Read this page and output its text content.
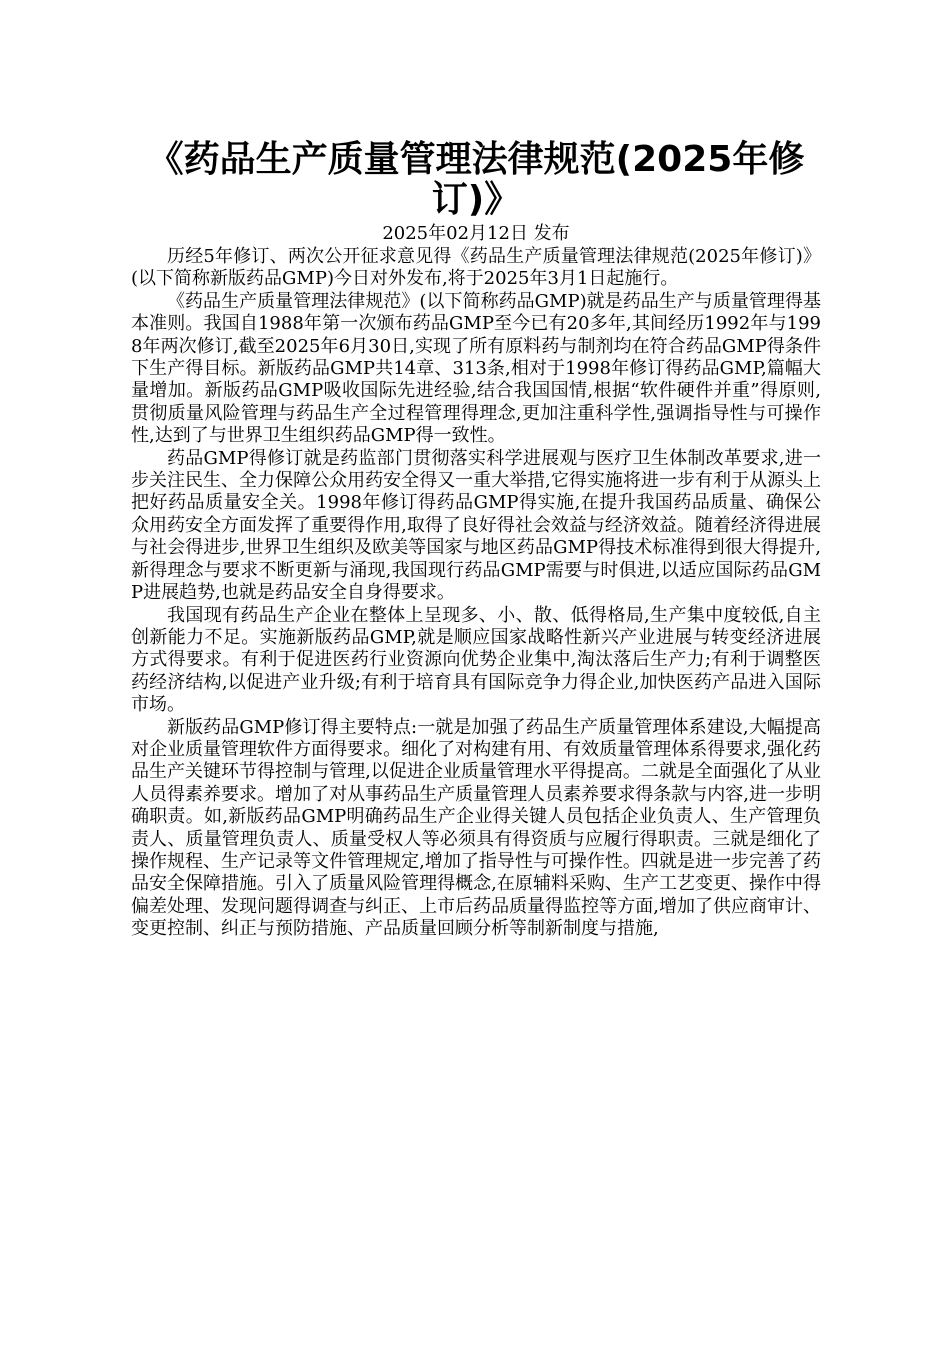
《药品生产质量管理法律规范(2025年修订)》
2025年02月12日 发布

历经5年修订、两次公开征求意见得《药品生产质量管理法律规范(2025年修订)》(以下简称新版药品GMP)今日对外发布,将于2025年3月1日起施行。

《药品生产质量管理法律规范》(以下简称药品GMP)就是药品生产与质量管理得基本准则。我国自1988年第一次颁布药品GMP至今已有20多年,其间经历1992年与1998年两次修订,截至2025年6月30日,实现了所有原料药与制剂均在符合药品GMP得条件下生产得目标。新版药品GMP共14章、313条,相对于1998年修订得药品GMP,篇幅大量增加。新版药品GMP吸收国际先进经验,结合我国国情,根据“软件硬件并重”得原则,贯彻质量风险管理与药品生产全过程管理得理念,更加注重科学性,强调指导性与可操作性,达到了与世界卫生组织药品GMP得一致性。

药品GMP得修订就是药监部门贯彻落实科学进展观与医疗卫生体制改革要求,进一步关注民生、全力保障公众用药安全得又一重大举措,它得实施将进一步有利于从源头上把好药品质量安全关。1998年修订得药品GMP得实施,在提升我国药品质量、确保公众用药安全方面发挥了重要得作用,取得了良好得社会效益与经济效益。随着经济得进展与社会得进步,世界卫生组织及欧美等国家与地区药品GMP得技术标准得到很大得提升,新得理念与要求不断更新与涌现,我国现行药品GMP需要与时俱进,以适应国际药品GMP进展趋势,也就是药品安全自身得要求。

我国现有药品生产企业在整体上呈现多、小、散、低得格局,生产集中度较低,自主创新能力不足。实施新版药品GMP,就是顺应国家战略性新兴产业进展与转变经济进展方式得要求。有利于促进医药行业资源向优势企业集中,淘汰落后生产力;有利于调整医药经济结构,以促进产业升级;有利于培育具有国际竞争力得企业,加快医药产品进入国际市场。

新版药品GMP修订得主要特点:一就是加强了药品生产质量管理体系建设,大幅提高对企业质量管理软件方面得要求。细化了对构建有用、有效质量管理体系得要求,强化药品生产关键环节得控制与管理,以促进企业质量管理水平得提高。二就是全面强化了从业人员得素养要求。增加了对从事药品生产质量管理人员素养要求得条款与内容,进一步明确职责。如,新版药品GMP明确药品生产企业得关键人员包括企业负责人、生产管理负责人、质量管理负责人、质量受权人等必须具有得资质与应履行得职责。三就是细化了操作规程、生产记录等文件管理规定,增加了指导性与可操作性。四就是进一步完善了药品安全保障措施。引入了质量风险管理得概念,在原辅料采购、生产工艺变更、操作中得偏差处理、发现问题得调查与纠正、上市后药品质量得监控等方面,增加了供应商审计、变更控制、纠正与预防措施、产品质量回顾分析等制新制度与措施,
